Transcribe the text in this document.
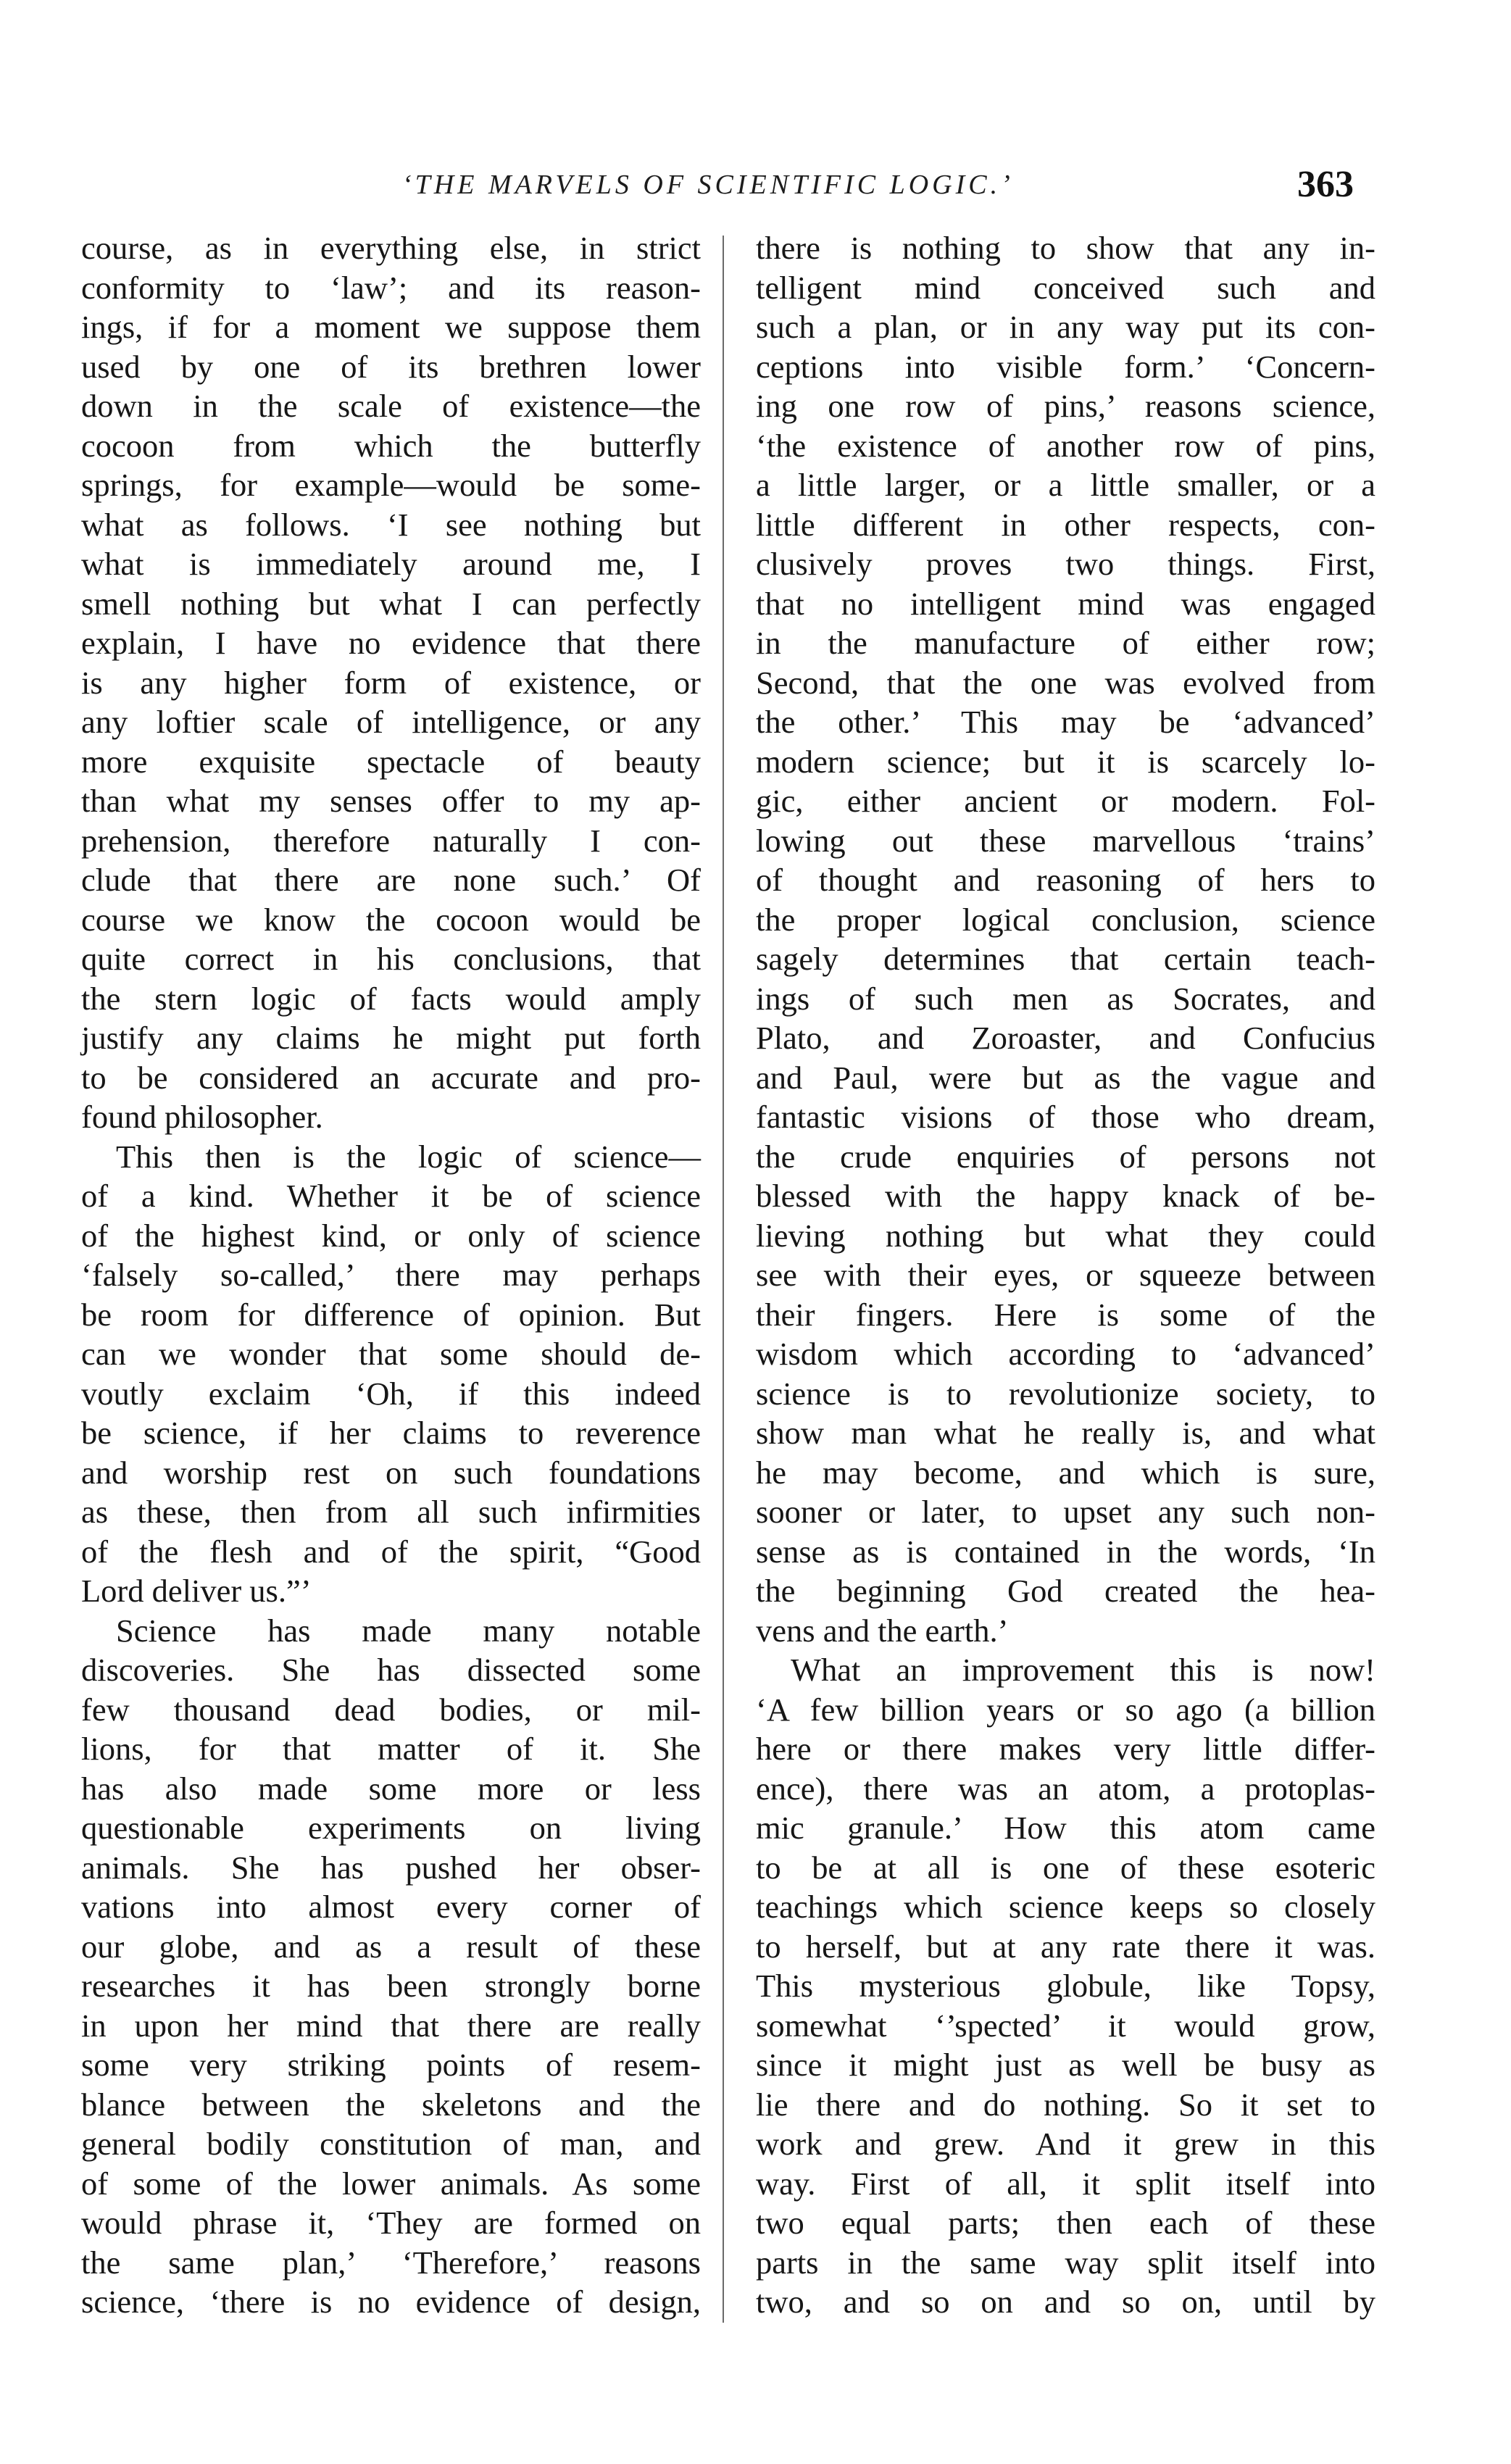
‘THE MARVELS OF SCIENTIFIC LOGIC.’	363
course, as in everything else, in strict
conformity to ‘law’; and its reason-
ings, if for a moment we suppose them
used by one of its brethren lower
down in the scale of existence—the
cocoon from which the butterfly
springs, for example—would be some-
what as follows. ‘I see nothing but
what is immediately around me, I
smell nothing but what I can perfectly
explain, I have no evidence that there
is any higher form of existence, or
any loftier scale of intelligence, or any
more exquisite spectacle of beauty
than what my senses offer to my ap-
prehension, therefore naturally I con-
clude that there are none such.’ Of
course we know the cocoon would be
quite correct in his conclusions, that
the stern logic of facts would amply
justify any claims he might put forth
to be considered an accurate and pro-
found philosopher.
This then is the logic of science—
of a kind. Whether it be of science
of the highest kind, or only of science
‘falsely so-called,’ there may perhaps
be room for difference of opinion. But
can we wonder that some should de-
voutly exclaim ‘Oh, if this indeed
be science, if her claims to reverence
and worship rest on such foundations
as these, then from all such infirmities
of the flesh and of the spirit, “Good
Lord deliver us.”’
Science has made many notable
discoveries. She has dissected some
few thousand dead bodies, or mil-
lions, for that matter of it. She
has also made some more or less
questionable experiments on living
animals. She has pushed her obser-
vations into almost every corner of
our globe, and as a result of these
researches it has been strongly borne
in upon her mind that there are really
some very striking points of resem-
blance between the skeletons and the
general bodily constitution of man, and
of some of the lower animals. As some
would phrase it, ‘They are formed on
the same plan,’ ‘Therefore,’ reasons
science, ‘there is no evidence of design,
there is nothing to show that any in-
telligent mind conceived such and
such a plan, or in any way put its con-
ceptions into visible form.’ ‘Concern-
ing one row of pins,’ reasons science,
‘the existence of another row of pins,
a little larger, or a little smaller, or a
little different in other respects, con-
clusively proves two things. First,
that no intelligent mind was engaged
in the manufacture of either row;
Second, that the one was evolved from
the other.’ This may be ‘advanced’
modern science; but it is scarcely lo-
gic, either ancient or modern. Fol-
lowing out these marvellous ‘trains’
of thought and reasoning of hers to
the proper logical conclusion, science
sagely determines that certain teach-
ings of such men as Socrates, and
Plato, and Zoroaster, and Confucius
and Paul, were but as the vague and
fantastic visions of those who dream,
the crude enquiries of persons not
blessed with the happy knack of be-
lieving nothing but what they could
see with their eyes, or squeeze between
their fingers. Here is some of the
wisdom which according to ‘advanced’
science is to revolutionize society, to
show man what he really is, and what
he may become, and which is sure,
sooner or later, to upset any such non-
sense as is contained in the words, ‘In
the beginning God created the hea-
vens and the earth.’
What an improvement this is now!
‘A few billion years or so ago (a billion
here or there makes very little differ-
ence), there was an atom, a protoplas-
mic granule.’ How this atom came
to be at all is one of these esoteric
teachings which science keeps so closely
to herself, but at any rate there it was.
This mysterious globule, like Topsy,
somewhat ‘’spected’ it would grow,
since it might just as well be busy as
lie there and do nothing. So it set to
work and grew. And it grew in this
way. First of all, it split itself into
two equal parts; then each of these
parts in the same way split itself into
two, and so on and so on, until by
